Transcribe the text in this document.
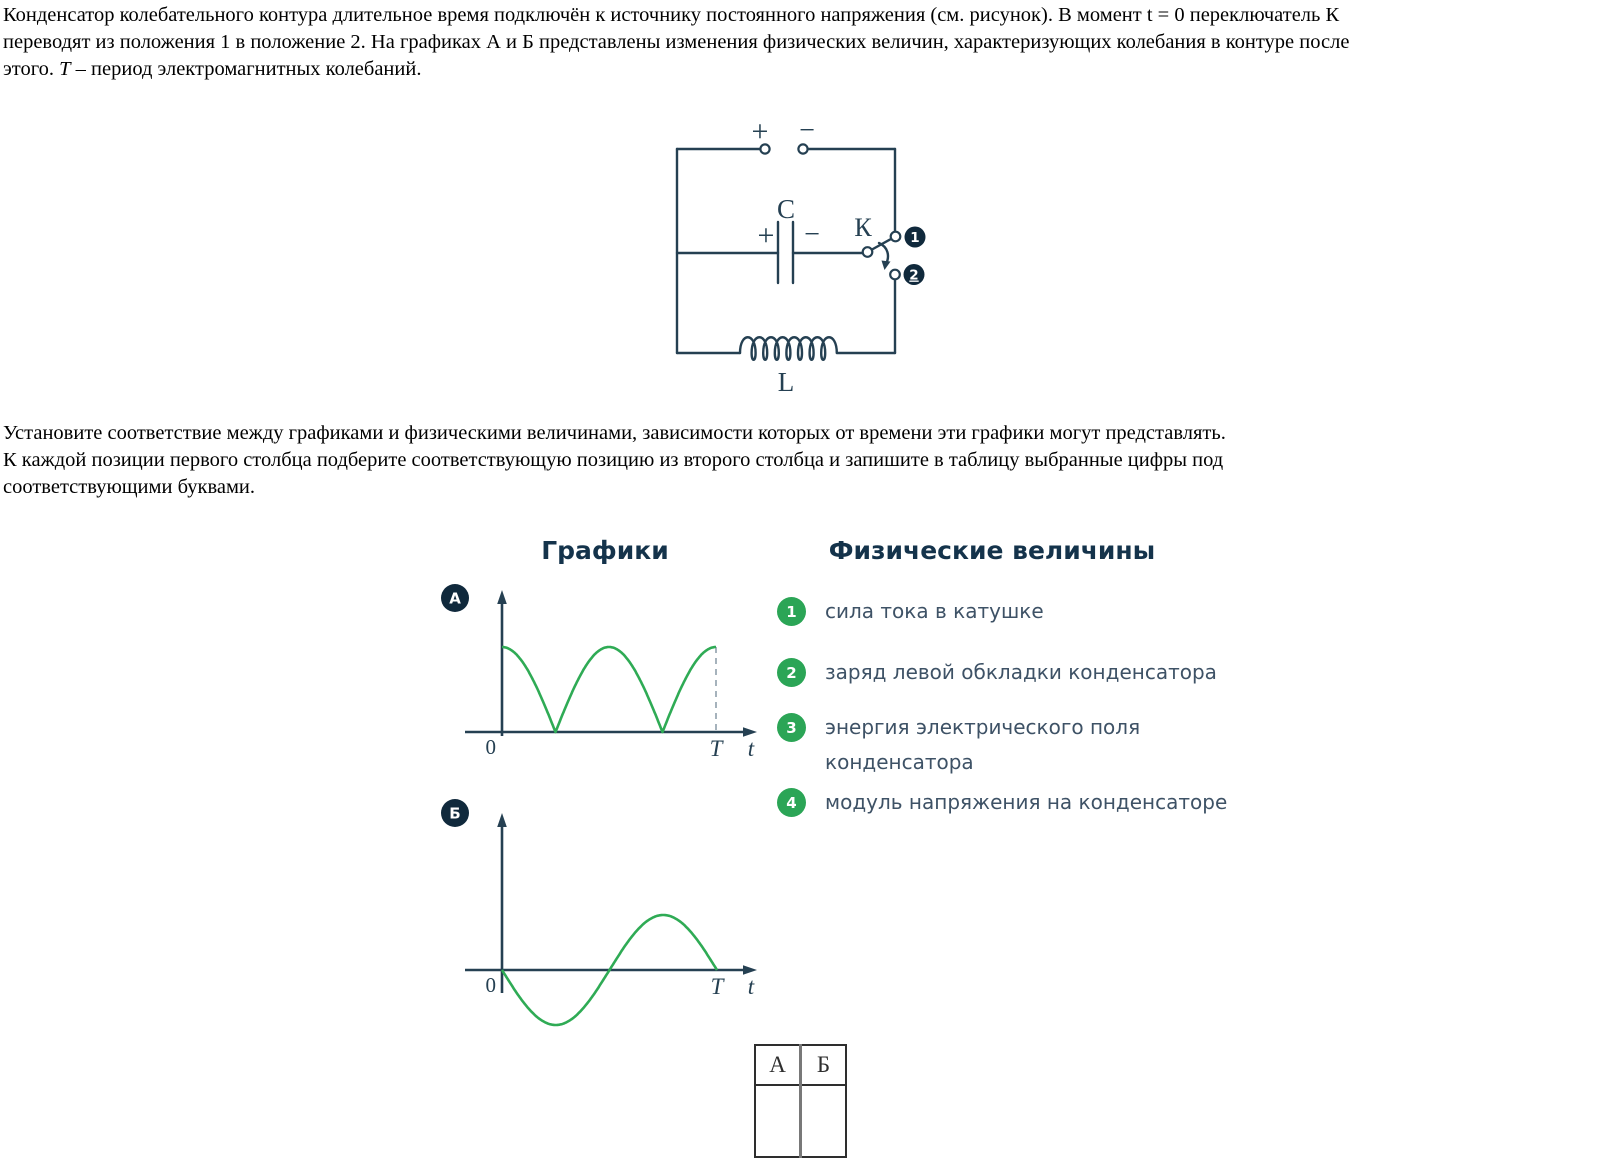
Конденсатор колебательного контура длительное время подключён к источнику постоянного напряжения (см. рисунок). В момент t = 0 переключатель К
переводят из положения 1 в положение 2. На графиках А и Б представлены изменения физических величин, характеризующих колебания в контуре после
этого. T – период электромагнитных колебаний.
+ −
C
+ − К	1
2
L
Установите соответствие между графиками и физическими величинами, зависимости которых от времени эти графики могут представлять.
К каждой позиции первого столбца подберите соответствующую позицию из второго столбца и запишите в таблицу выбранные цифры под
соответствующими буквами.
Графики	Физические величины
А
0	T t
Б
0	T t
1	сила тока в катушке
2	заряд левой обкладки конденсатора
3	энергия электрического поля
конденсатора
4	модуль напряжения на конденсаторе
А	Б
